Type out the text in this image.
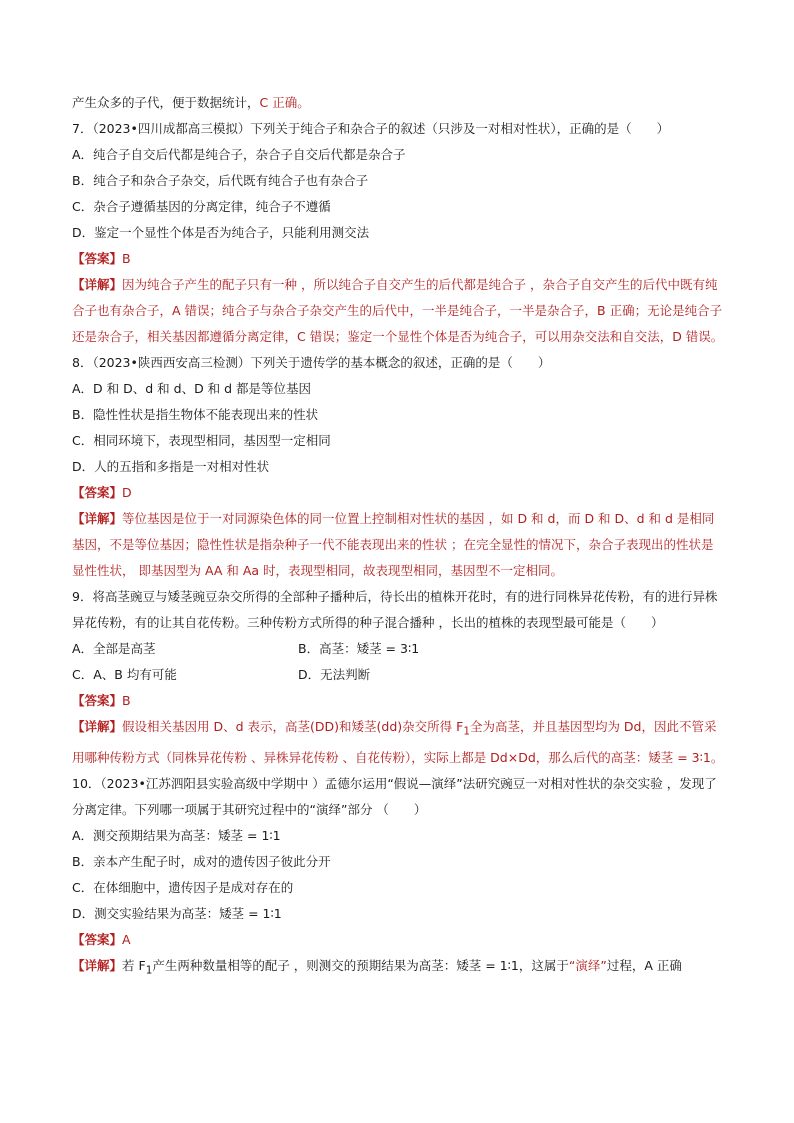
产生众多的子代，便于数据统计，C 正确。
7．（2023•四川成都高三模拟）下列关于纯合子和杂合子的叙述（只涉及一对相对性状），正确的是（　　）
A．纯合子自交后代都是纯合子，杂合子自交后代都是杂合子
B．纯合子和杂合子杂交，后代既有纯合子也有杂合子
C．杂合子遵循基因的分离定律，纯合子不遵循
D．鉴定一个显性个体是否为纯合子，只能利用测交法
【答案】B
【详解】因为纯合子产生的配子只有一种 ，所以纯合子自交产生的后代都是纯合子 ，杂合子自交产生的后代中既有纯合子也有杂合子，A 错误；纯合子与杂合子杂交产生的后代中，一半是纯合子，一半是杂合子，B 正确；无论是纯合子还是杂合子，相关基因都遵循分离定律，C 错误；鉴定一个显性个体是否为纯合子，可以用杂交法和自交法，D 错误。
8．（2023•陕西西安高三检测）下列关于遗传学的基本概念的叙述，正确的是（　　）
A．D 和 D、d 和 d、D 和 d 都是等位基因
B．隐性性状是指生物体不能表现出来的性状
C．相同环境下，表现型相同，基因型一定相同
D．人的五指和多指是一对相对性状
【答案】D
【详解】等位基因是位于一对同源染色体的同一位置上控制相对性状的基因 ，如 D 和 d，而 D 和 D、d 和 d 是相同基因，不是等位基因；隐性性状是指杂种子一代不能表现出来的性状 ；在完全显性的情况下，杂合子表现出的性状是显性性状， 即基因型为 AA 和 Aa 时，表现型相同，故表现型相同，基因型不一定相同。
9．将高茎豌豆与矮茎豌豆杂交所得的全部种子播种后，待长出的植株开花时，有的进行同株异花传粉，有的进行异株异花传粉，有的让其自花传粉。三种传粉方式所得的种子混合播种 ，长出的植株的表现型最可能是（　　）
A．全部是高茎	B．高茎：矮茎 = 3∶1
C．A、B 均有可能	D．无法判断
【答案】B
【详解】假设相关基因用 D、d 表示，高茎(DD)和矮茎(dd)杂交所得 $F_1$全为高茎，并且基因型均为 Dd，因此不管采用哪种传粉方式（同株异花传粉 、异株异花传粉 、自花传粉），实际上都是 Dd×Dd，那么后代的高茎：矮茎 = 3∶1。
10．（2023•江苏泗阳县实验高级中学期中 ）孟德尔运用“假说—演绎”法研究豌豆一对相对性状的杂交实验 ，发现了分离定律。下列哪一项属于其研究过程中的“演绎”部分 （　　）
A．测交预期结果为高茎：矮茎 = 1∶1
B．亲本产生配子时，成对的遗传因子彼此分开
C．在体细胞中，遗传因子是成对存在的
D．测交实验结果为高茎：矮茎 = 1∶1
【答案】A
【详解】若 $F_1$产生两种数量相等的配子 ，则测交的预期结果为高茎：矮茎 = 1∶1，这属于“演绎”过程，A 正确
